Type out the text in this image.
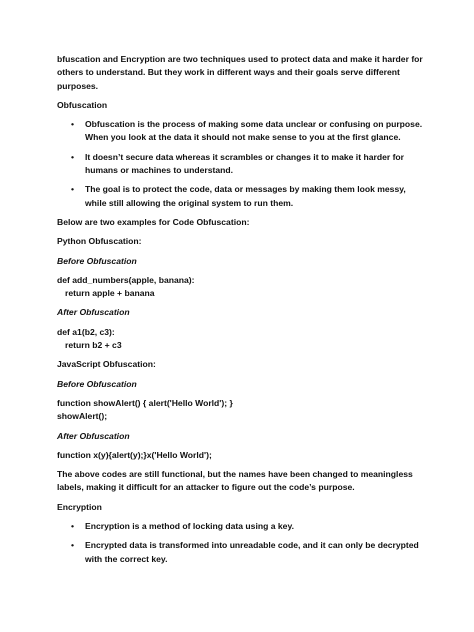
bfuscation and Encryption are two techniques used to protect data and make it harder for others to understand. But they work in different ways and their goals serve different purposes.

Obfuscation

• Obfuscation is the process of making some data unclear or confusing on purpose. When you look at the data it should not make sense to you at the first glance.
• It doesn’t secure data whereas it scrambles or changes it to make it harder for humans or machines to understand.
• The goal is to protect the code, data or messages by making them look messy, while still allowing the original system to run them.

Below are two examples for Code Obfuscation:

Python Obfuscation:

Before Obfuscation

def add_numbers(apple, banana):
return apple + banana

After Obfuscation

def a1(b2, c3):
return b2 + c3

JavaScript Obfuscation:

Before Obfuscation

function showAlert() { alert('Hello World'); }
showAlert();

After Obfuscation

function x(y){alert(y);}x('Hello World');

The above codes are still functional, but the names have been changed to meaningless labels, making it difficult for an attacker to figure out the code’s purpose.

Encryption

• Encryption is a method of locking data using a key.
• Encrypted data is transformed into unreadable code, and it can only be decrypted with the correct key.
